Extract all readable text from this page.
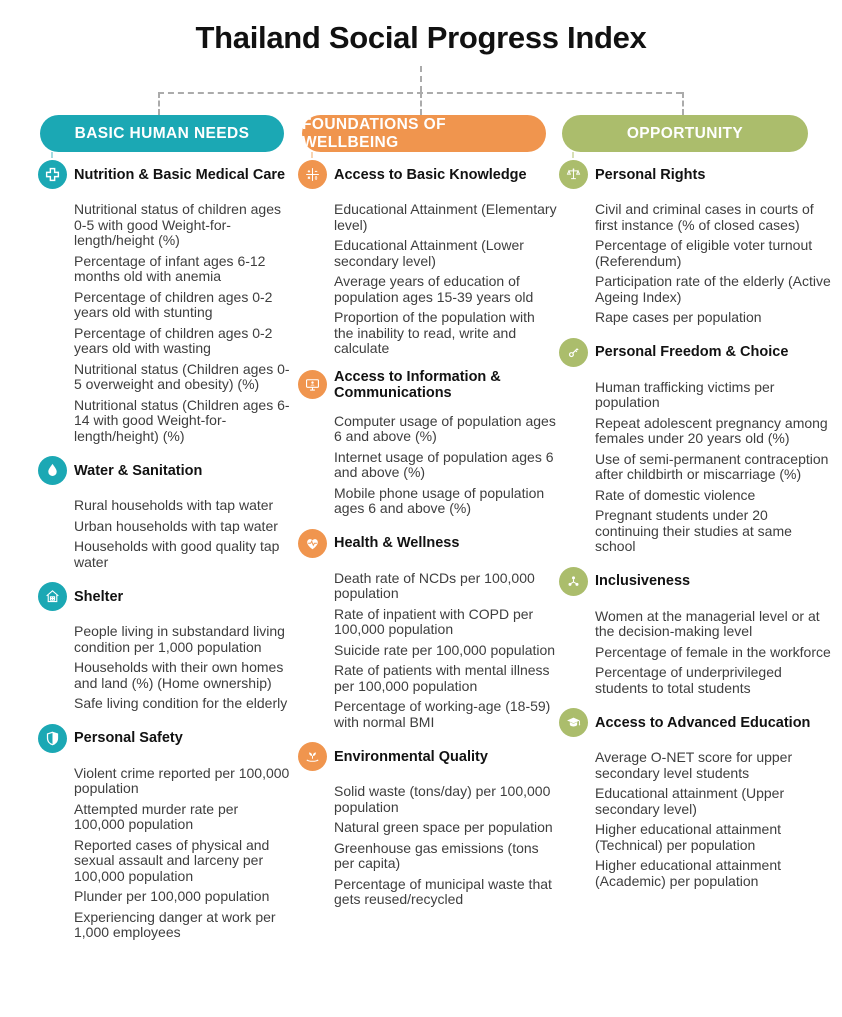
Thailand Social Progress Index
BASIC HUMAN NEEDS
Nutrition & Basic Medical Care
Nutritional status of children ages 0-5 with good Weight-for-length/height (%)
Percentage of infant ages 6-12 months old with anemia
Percentage of children ages 0-2 years old with stunting
Percentage of children ages 0-2 years old with wasting
Nutritional status (Children ages 0-5 overweight and obesity) (%)
Nutritional status (Children ages 6-14 with good Weight-for-length/height) (%)
Water & Sanitation
Rural households with tap water
Urban households with tap water
Households with good quality tap water
Shelter
People living in substandard living condition per 1,000 population
Households with their own homes and land (%) (Home ownership)
Safe living condition for the elderly
Personal Safety
Violent crime reported per 100,000 population
Attempted murder rate per 100,000 population
Reported cases of physical and sexual assault and larceny per 100,000 population
Plunder per 100,000 population
Experiencing danger at work per 1,000 employees
FOUNDATIONS OF WELLBEING
Access to Basic Knowledge
Educational Attainment (Elementary level)
Educational Attainment (Lower secondary level)
Average years of education of population ages 15-39 years old
Proportion of the population with the inability to read, write and calculate
Access to Information & Communications
Computer usage of population ages 6 and above (%)
Internet usage of population ages 6 and above (%)
Mobile phone usage of population ages 6 and above (%)
Health & Wellness
Death rate of NCDs per 100,000 population
Rate of inpatient with COPD per 100,000 population
Suicide rate per 100,000 population
Rate of patients with mental illness per 100,000 population
Percentage of working-age (18-59) with normal BMI
Environmental Quality
Solid waste (tons/day) per 100,000 population
Natural green space per population
Greenhouse gas emissions (tons per capita)
Percentage of municipal waste that gets reused/recycled
OPPORTUNITY
Personal Rights
Civil and criminal cases in courts of first instance (% of closed cases)
Percentage of eligible voter turnout (Referendum)
Participation rate of the elderly (Active Ageing Index)
Rape cases per population
Personal Freedom & Choice
Human trafficking victims per population
Repeat adolescent pregnancy among females under 20 years old (%)
Use of semi-permanent contraception after childbirth or miscarriage (%)
Rate of domestic violence
Pregnant students under 20 continuing their studies at same school
Inclusiveness
Women at the managerial level or at the decision-making level
Percentage of female in the workforce
Percentage of underprivileged students to total students
Access to Advanced Education
Average O-NET score for upper secondary level students
Educational attainment (Upper secondary level)
Higher educational attainment (Technical) per population
Higher educational attainment (Academic) per population
